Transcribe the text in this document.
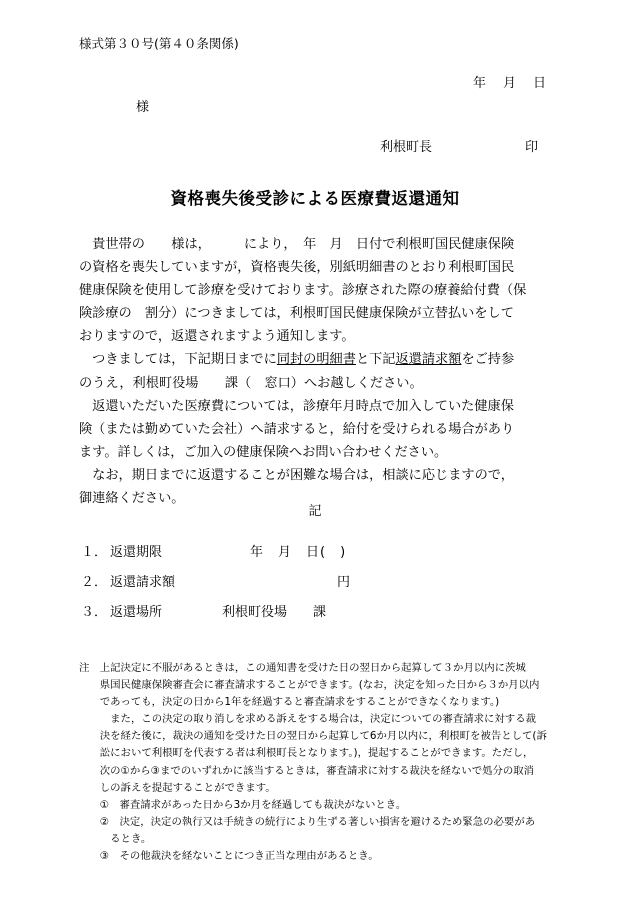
様式第３０号(第４０条関係)
年　月　日
様
利根町長	印
資格喪失後受診による医療費返還通知
　貴世帯の　　様は，　　　により，　年　月　日付で利根町国民健康保険
の資格を喪失していますが，資格喪失後，別紙明細書のとおり利根町国民
健康保険を使用して診療を受けております。診療された際の療養給付費（保
険診療の　割分）につきましては，利根町国民健康保険が立替払いをして
おりますので，返還されますよう通知します。
　つきましては，下記期日までに同封の明細書と下記返還請求額をご持参
のうえ，利根町役場　　課（　窓口）へお越しください。
　返還いただいた医療費については，診療年月時点で加入していた健康保
険（または勤めていた会社）へ請求すると，給付を受けられる場合があり
ます。詳しくは，ご加入の健康保険へお問い合わせください。
　なお，期日までに返還することが困難な場合は，相談に応じますので，
御連絡ください。
記
１． 返還期限	年　月　日(　)
２． 返還請求額	円
３． 返還場所	利根町役場　　課
注　上記決定に不服があるときは，この通知書を受けた日の翌日から起算して３か月以内に茨城
　　県国民健康保険審査会に審査請求することができます。(なお，決定を知った日から３か月以内
　　であっても，決定の日から1年を経過すると審査請求をすることができなくなります。)
　　　また，この決定の取り消しを求める訴えをする場合は，決定についての審査請求に対する裁
　　決を経た後に，裁決の通知を受けた日の翌日から起算して6か月以内に，利根町を被告として(訴
　　訟において利根町を代表する者は利根町長となります。)，提起することができます。ただし，
　　次の①から③までのいずれかに該当するときは，審査請求に対する裁決を経ないで処分の取消
　　しの訴えを提起することができます。
　　①　審査請求があった日から3か月を経過しても裁決がないとき。
　　②　決定，決定の執行又は手続きの続行により生ずる著しい損害を避けるため緊急の必要があ
　　　るとき。
　　③　その他裁決を経ないことにつき正当な理由があるとき。
